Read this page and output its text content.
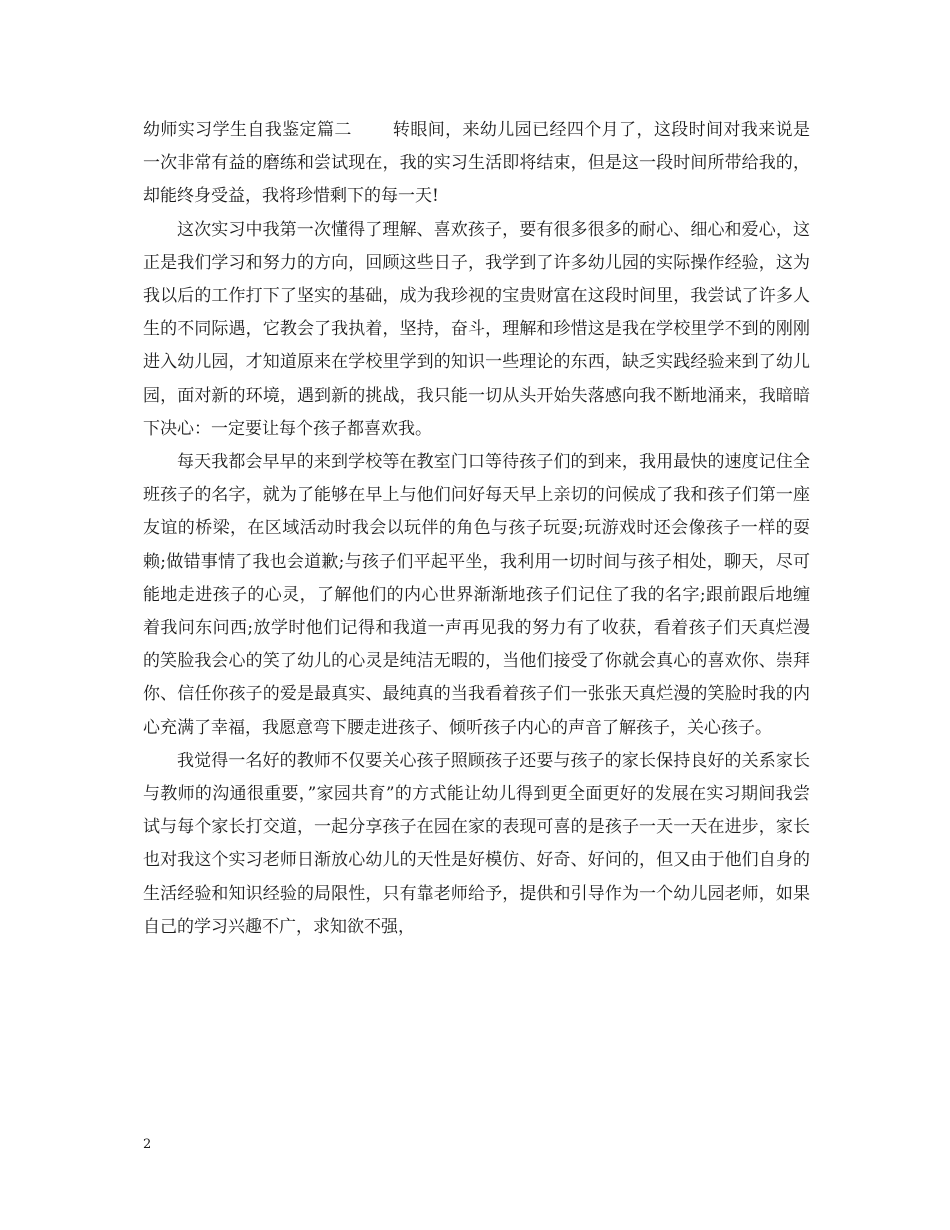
幼师实习学生自我鉴定篇二 转眼间，来幼儿园已经四个月了，这段时间对我来说是一次非常有益的磨练和尝试现在，我的实习生活即将结束，但是这一段时间所带给我的，却能终身受益，我将珍惜剩下的每一天!

这次实习中我第一次懂得了理解、喜欢孩子，要有很多很多的耐心、细心和爱心，这正是我们学习和努力的方向，回顾这些日子，我学到了许多幼儿园的实际操作经验，这为我以后的工作打下了坚实的基础，成为我珍视的宝贵财富在这段时间里，我尝试了许多人生的不同际遇，它教会了我执着，坚持，奋斗，理解和珍惜这是我在学校里学不到的刚刚进入幼儿园，才知道原来在学校里学到的知识一些理论的东西，缺乏实践经验来到了幼儿园，面对新的环境，遇到新的挑战，我只能一切从头开始失落感向我不断地涌来，我暗暗下决心：一定要让每个孩子都喜欢我。

每天我都会早早的来到学校等在教室门口等待孩子们的到来，我用最快的速度记住全班孩子的名字，就为了能够在早上与他们问好每天早上亲切的问候成了我和孩子们第一座友谊的桥梁，在区域活动时我会以玩伴的角色与孩子玩耍;玩游戏时还会像孩子一样的耍赖;做错事情了我也会道歉;与孩子们平起平坐，我利用一切时间与孩子相处，聊天，尽可能地走进孩子的心灵，了解他们的内心世界渐渐地孩子们记住了我的名字;跟前跟后地缠着我问东问西;放学时他们记得和我道一声再见我的努力有了收获，看着孩子们天真烂漫的笑脸我会心的笑了幼儿的心灵是纯洁无暇的，当他们接受了你就会真心的喜欢你、崇拜你、信任你孩子的爱是最真实、最纯真的当我看着孩子们一张张天真烂漫的笑脸时我的内心充满了幸福，我愿意弯下腰走进孩子、倾听孩子内心的声音了解孩子，关心孩子。

我觉得一名好的教师不仅要关心孩子照顾孩子还要与孩子的家长保持良好的关系家长与教师的沟通很重要，”家园共育”的方式能让幼儿得到更全面更好的发展在实习期间我尝试与每个家长打交道，一起分享孩子在园在家的表现可喜的是孩子一天一天在进步，家长也对我这个实习老师日渐放心幼儿的天性是好模仿、好奇、好问的，但又由于他们自身的生活经验和知识经验的局限性，只有靠老师给予，提供和引导作为一个幼儿园老师，如果自己的学习兴趣不广，求知欲不强，

2
